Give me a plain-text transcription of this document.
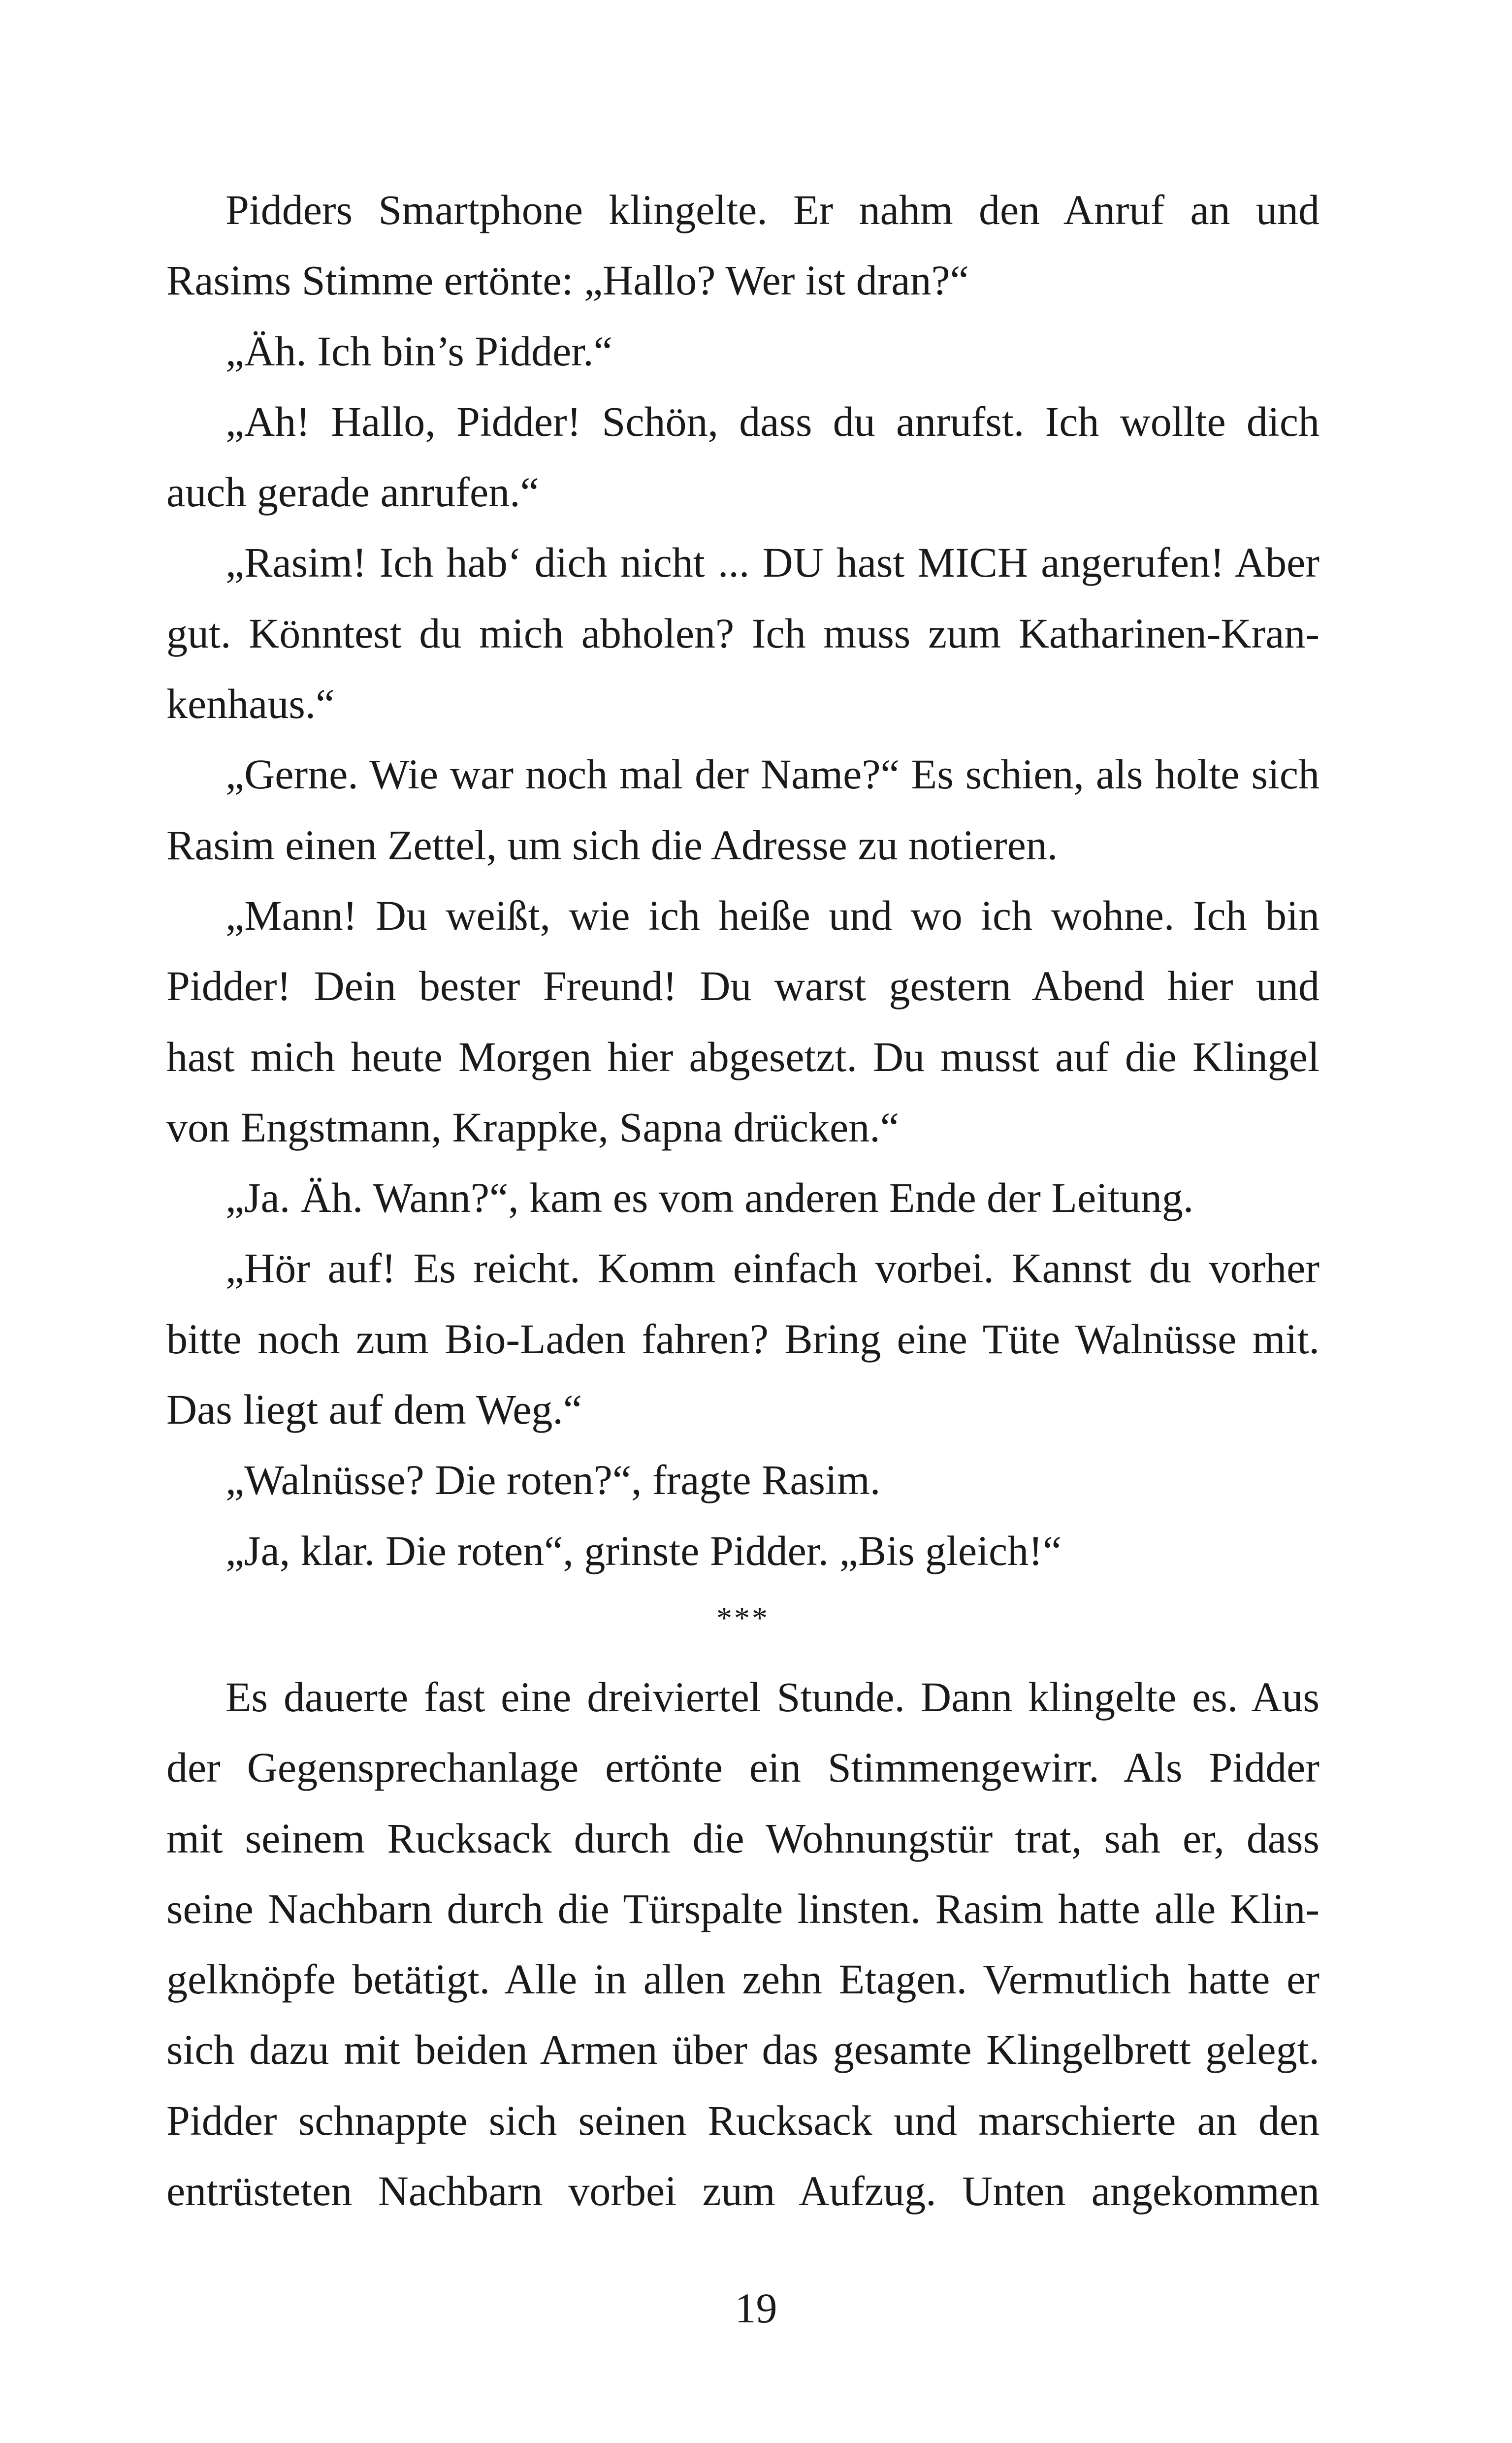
Pidders Smartphone klingelte. Er nahm den Anruf an und
Rasims Stimme ertönte: „Hallo? Wer ist dran?“
„Äh. Ich bin’s Pidder.“
„Ah! Hallo, Pidder! Schön, dass du anrufst. Ich wollte dich
auch gerade anrufen.“
„Rasim! Ich hab‘ dich nicht ... DU hast MICH angerufen! Aber
gut. Könntest du mich abholen? Ich muss zum Katharinen-Kran-
kenhaus.“
„Gerne. Wie war noch mal der Name?“ Es schien, als holte sich
Rasim einen Zettel, um sich die Adresse zu notieren.
„Mann! Du weißt, wie ich heiße und wo ich wohne. Ich bin
Pidder! Dein bester Freund! Du warst gestern Abend hier und
hast mich heute Morgen hier abgesetzt. Du musst auf die Klingel
von Engstmann, Krappke, Sapna drücken.“
„Ja. Äh. Wann?“, kam es vom anderen Ende der Leitung.
„Hör auf! Es reicht. Komm einfach vorbei. Kannst du vorher
bitte noch zum Bio-Laden fahren? Bring eine Tüte Walnüsse mit.
Das liegt auf dem Weg.“
„Walnüsse? Die roten?“, fragte Rasim.
„Ja, klar. Die roten“, grinste Pidder. „Bis gleich!“
***
Es dauerte fast eine dreiviertel Stunde. Dann klingelte es. Aus
der Gegensprechanlage ertönte ein Stimmengewirr. Als Pidder
mit seinem Rucksack durch die Wohnungstür trat, sah er, dass
seine Nachbarn durch die Türspalte linsten. Rasim hatte alle Klin-
gelknöpfe betätigt. Alle in allen zehn Etagen. Vermutlich hatte er
sich dazu mit beiden Armen über das gesamte Klingelbrett gelegt.
Pidder schnappte sich seinen Rucksack und marschierte an den
entrüsteten Nachbarn vorbei zum Aufzug. Unten angekommen
19
